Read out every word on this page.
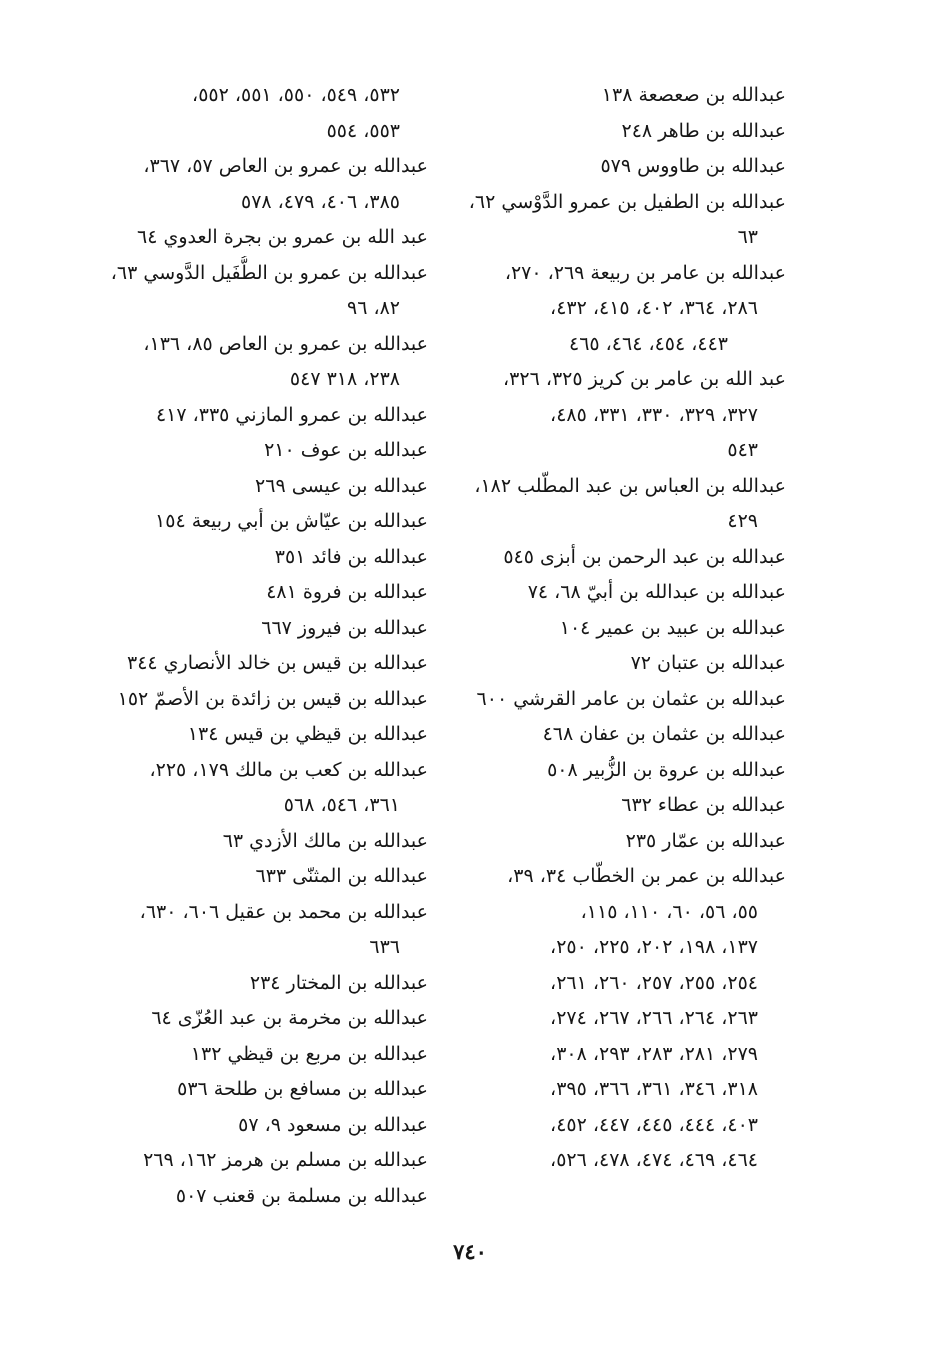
عبدالله بن صعصعة ١٣٨
عبدالله بن طاهر ٢٤٨
عبدالله بن طاووس ٥٧٩
عبدالله بن الطفيل بن عمرو الدَّوْسي ٦٢،
٦٣
عبدالله بن عامر بن ربيعة ٢٦٩، ٢٧٠،
٢٨٦، ٣٦٤، ٤٠٢، ٤١٥، ٤٣٢،
٤٤٣، ٤٥٤، ٤٦٤، ٤٦٥
عبد الله بن عامر بن كريز ٣٢٥، ٣٢٦،
٣٢٧، ٣٢٩، ٣٣٠، ٣٣١، ٤٨٥،
٥٤٣
عبدالله بن العباس بن عبد المطّلب ١٨٢،
٤٢٩
عبدالله بن عبد الرحمن بن أبزى ٥٤٥
عبدالله بن عبدالله بن أبيّ ٦٨، ٧٤
عبدالله بن عبيد بن عمير ١٠٤
عبدالله بن عتبان ٧٢
عبدالله بن عثمان بن عامر القرشي ٦٠٠
عبدالله بن عثمان بن عفان ٤٦٨
عبدالله بن عروة بن الزُّبير ٥٠٨
عبدالله بن عطاء ٦٣٢
عبدالله بن عمّار ٢٣٥
عبدالله بن عمر بن الخطّاب ٣٤، ٣٩،
٥٥، ٥٦، ٦٠، ١١٠، ١١٥،
١٣٧، ١٩٨، ٢٠٢، ٢٢٥، ٢٥٠،
٢٥٤، ٢٥٥، ٢٥٧، ٢٦٠، ٢٦١،
٢٦٣، ٢٦٤، ٢٦٦، ٢٦٧، ٢٧٤،
٢٧٩، ٢٨١، ٢٨٣، ٢٩٣، ٣٠٨،
٣١٨، ٣٤٦، ٣٦١، ٣٦٦، ٣٩٥،
٤٠٣، ٤٤٤، ٤٤٥، ٤٤٧، ٤٥٢،
٤٦٤، ٤٦٩، ٤٧٤، ٤٧٨، ٥٢٦،
٥٣٢، ٥٤٩، ٥٥٠، ٥٥١، ٥٥٢،
٥٥٣، ٥٥٤
عبدالله بن عمرو بن العاص ٥٧، ٣٦٧،
٣٨٥، ٤٠٦، ٤٧٩، ٥٧٨
عبد الله بن عمرو بن بجرة العدوي ٦٤
عبدالله بن عمرو بن الطُّفَيل الدَّوسي ٦٣،
٨٢، ٩٦
عبدالله بن عمرو بن العاص ٨٥، ١٣٦،
٢٣٨، ٣١٨ ٥٤٧
عبدالله بن عمرو المازني ٣٣٥، ٤١٧
عبدالله بن عوف ٢١٠
عبدالله بن عيسى ٢٦٩
عبدالله بن عيّاش بن أبي ربيعة ١٥٤
عبدالله بن فائد ٣٥١
عبدالله بن فروة ٤٨١
عبدالله بن فيروز ٦٦٧
عبدالله بن قيس بن خالد الأنصاري ٣٤٤
عبدالله بن قيس بن زائدة بن الأصمّ ١٥٢
عبدالله بن قيظي بن قيس ١٣٤
عبدالله بن كعب بن مالك ١٧٩، ٢٢٥،
٣٦١، ٥٤٦، ٥٦٨
عبدالله بن مالك الأزدي ٦٣
عبدالله بن المثنّى ٦٣٣
عبدالله بن محمد بن عقيل ٦٠٦، ٦٣٠،
٦٣٦
عبدالله بن المختار ٢٣٤
عبدالله بن مخرمة بن عبد العُزّى ٦٤
عبدالله بن مربع بن قيظي ١٣٢
عبدالله بن مسافع بن طلحة ٥٣٦
عبدالله بن مسعود ٩، ٥٧
عبدالله بن مسلم بن هرمز ١٦٢، ٢٦٩
عبدالله بن مسلمة بن قعنب ٥٠٧
٧٤٠
